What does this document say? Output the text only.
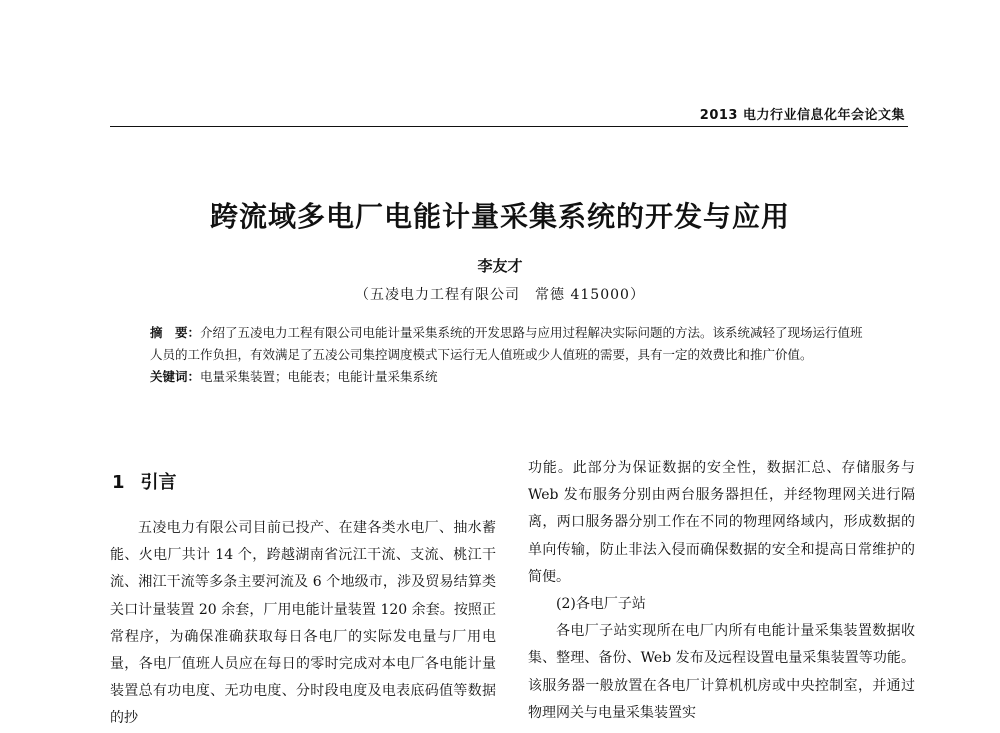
2013 电力行业信息化年会论文集
跨流域多电厂电能计量采集系统的开发与应用
李友才
（五凌电力工程有限公司　常德 415000）

摘　要：介绍了五凌电力工程有限公司电能计量采集系统的开发思路与应用过程解决实际问题的方法。该系统减轻了现场运行值班人员的工作负担，有效满足了五凌公司集控调度模式下运行无人值班或少人值班的需要，具有一定的效费比和推广价值。

关键词：电量采集装置；电能表；电能计量采集系统

1 引言

五凌电力有限公司目前已投产、在建各类水电厂、抽水蓄能、火电厂共计 14 个，跨越湖南省沅江干流、支流、桃江干流、湘江干流等多条主要河流及 6 个地级市，涉及贸易结算类关口计量装置 20 余套，厂用电能计量装置 120 余套。按照正常程序，为确保准确获取每日各电厂的实际发电量与厂用电量，各电厂值班人员应在每日的零时完成对本电厂各电能计量装置总有功电度、无功电度、分时段电度及电表底码值等数据的抄

功能。此部分为保证数据的安全性，数据汇总、存储服务与 Web 发布服务分别由两台服务器担任，并经物理网关进行隔离，两口服务器分别工作在不同的物理网络域内，形成数据的单向传输，防止非法入侵而确保数据的安全和提高日常维护的简便。

(2)各电厂子站

各电厂子站实现所在电厂内所有电能计量采集装置数据收集、整理、备份、Web 发布及远程设置电量采集装置等功能。该服务器一般放置在各电厂计算机机房或中央控制室，并通过物理网关与电量采集装置实
